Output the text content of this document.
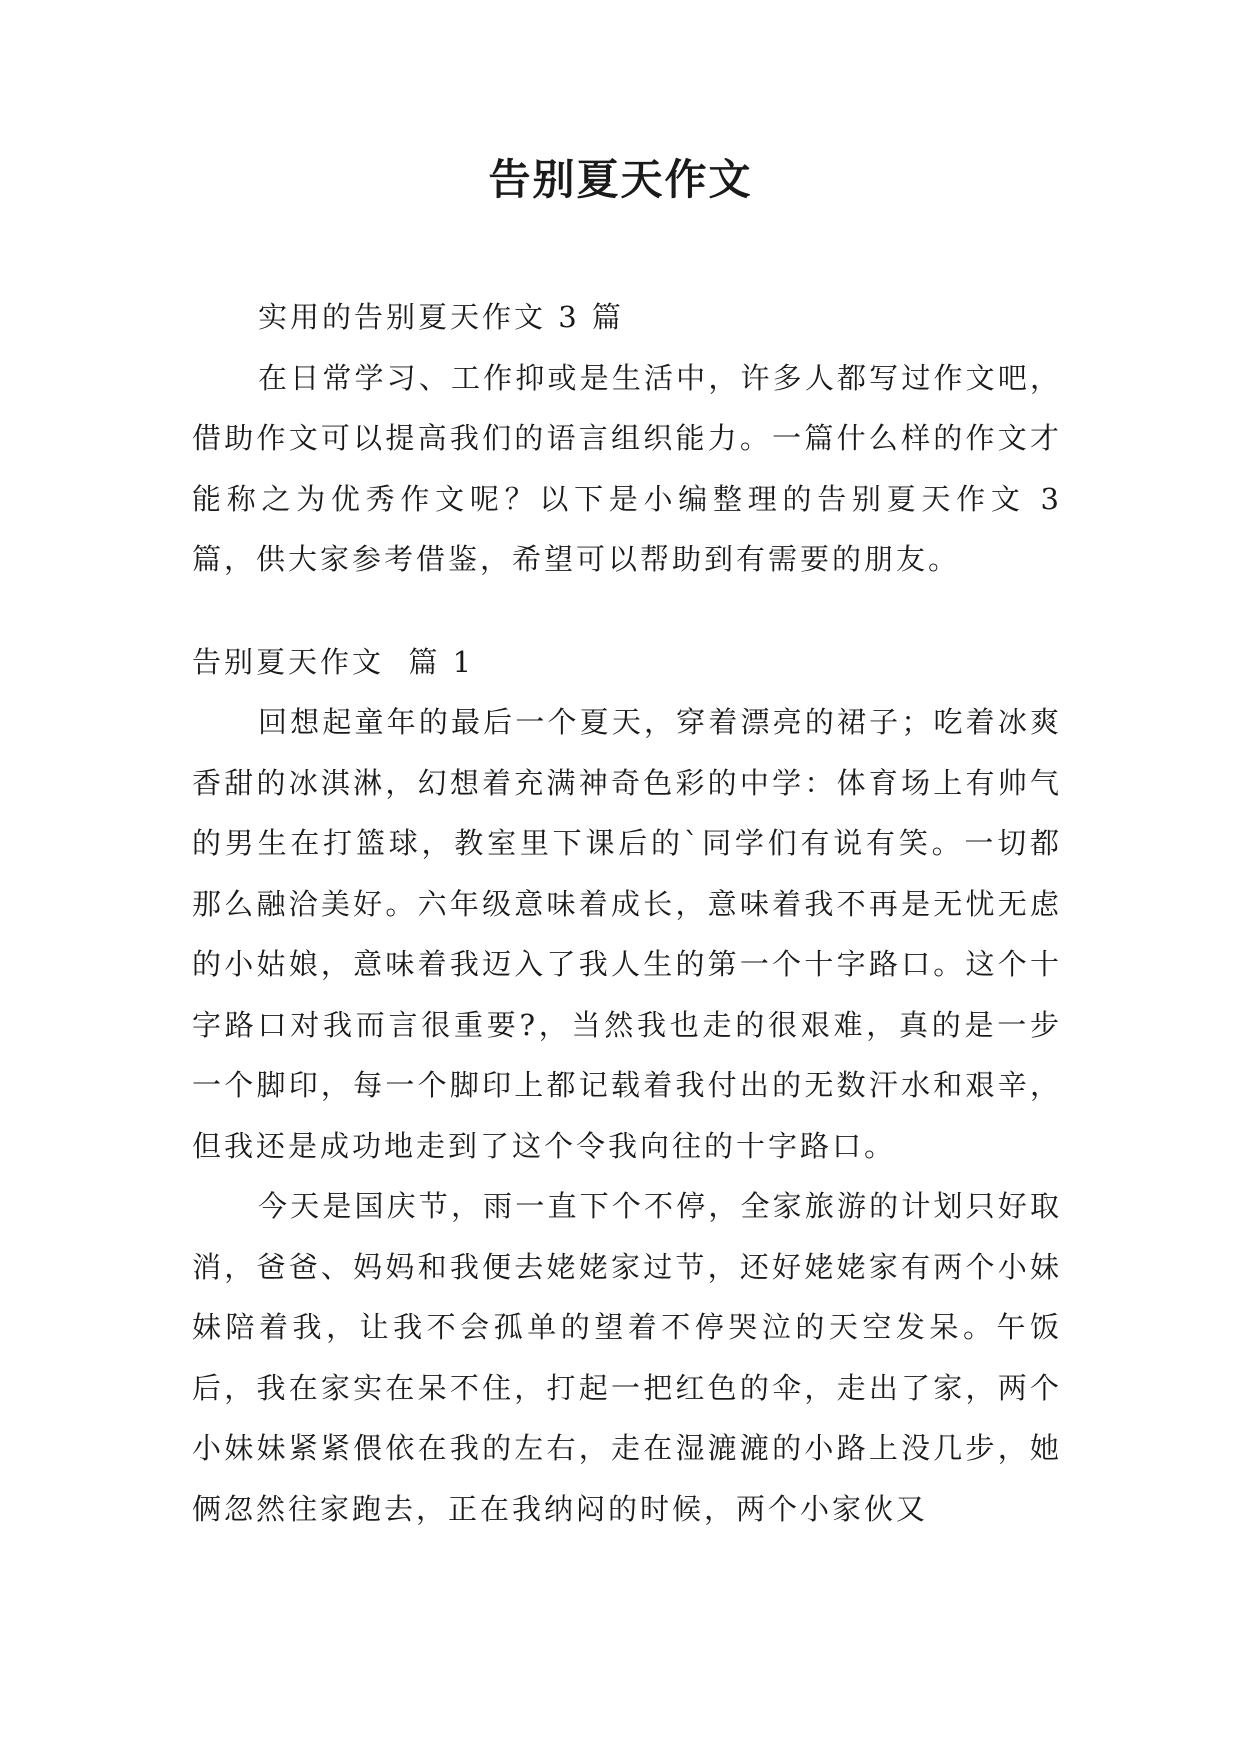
告别夏天作文

实用的告别夏天作文 3 篇

在日常学习、工作抑或是生活中，许多人都写过作文吧，借助作文可以提高我们的语言组织能力。一篇什么样的作文才能称之为优秀作文呢？以下是小编整理的告别夏天作文 3 篇，供大家参考借鉴，希望可以帮助到有需要的朋友。

告别夏天作文  篇 1

回想起童年的最后一个夏天，穿着漂亮的裙子；吃着冰爽香甜的冰淇淋，幻想着充满神奇色彩的中学：体育场上有帅气的男生在打篮球，教室里下课后的`同学们有说有笑。一切都那么融洽美好。六年级意味着成长，意味着我不再是无忧无虑的小姑娘，意味着我迈入了我人生的第一个十字路口。这个十字路口对我而言很重要?，当然我也走的很艰难，真的是一步一个脚印，每一个脚印上都记载着我付出的无数汗水和艰辛，但我还是成功地走到了这个令我向往的十字路口。

今天是国庆节，雨一直下个不停，全家旅游的计划只好取消，爸爸、妈妈和我便去姥姥家过节，还好姥姥家有两个小妹妹陪着我，让我不会孤单的望着不停哭泣的天空发呆。午饭后，我在家实在呆不住，打起一把红色的伞，走出了家，两个小妹妹紧紧偎依在我的左右，走在湿漉漉的小路上没几步，她俩忽然往家跑去，正在我纳闷的时候，两个小家伙又
